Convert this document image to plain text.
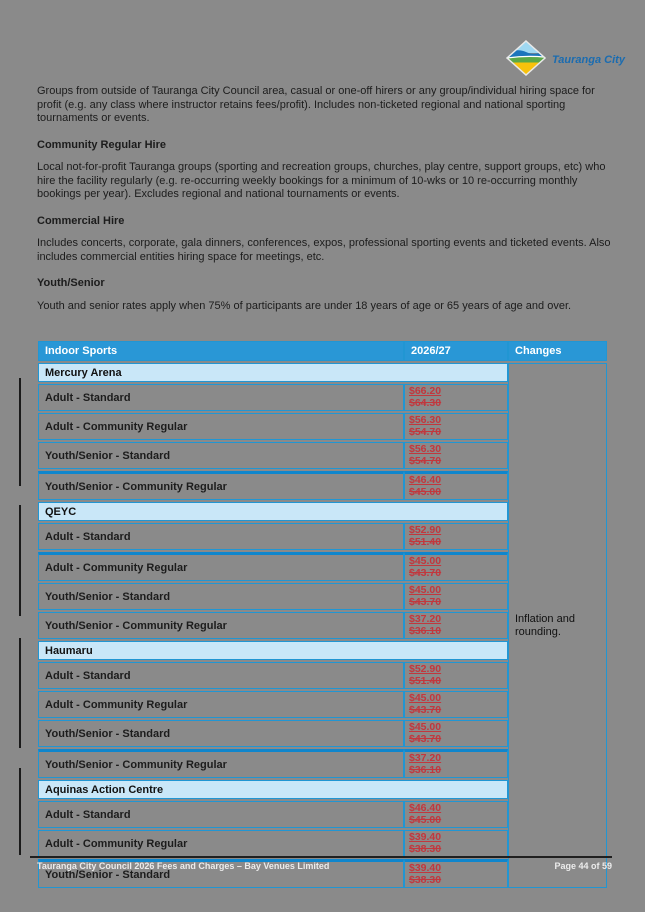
Tauranga City

Groups from outside of Tauranga City Council area, casual or one-off hirers or any group/individual hiring space for profit (e.g. any class where instructor retains fees/profit). Includes non-ticketed regional and national sporting tournaments or events.

Community Regular Hire

Local not-for-profit Tauranga groups (sporting and recreation groups, churches, play centre, support groups, etc) who hire the facility regularly (e.g. re-occurring weekly bookings for a minimum of 10-wks or 10 re-occurring monthly bookings per year). Excludes regional and national tournaments or events.

Commercial Hire

Includes concerts, corporate, gala dinners, conferences, expos, professional sporting events and ticketed events. Also includes commercial entities hiring space for meetings, etc.

Youth/Senior

Youth and senior rates apply when 75% of participants are under 18 years of age or 65 years of age and over.

Indoor Sports	2026/27	Changes
Mercury Arena		Inflation and rounding.
Adult - Standard	$66.20
$64.30	

Adult - Community Regular	$56.30
$54.70	

Youth/Senior - Standard	$56.30
$54.70	

Youth/Senior - Community Regular	$46.40
$45.00	

QEYC		
Adult - Standard	$52.90
$51.40	

Adult - Community Regular	$45.00
$43.70	

Youth/Senior - Standard	$45.00
$43.70	

Youth/Senior - Community Regular	$37.20
$36.10	

Haumaru		
Adult - Standard	$52.90
$51.40	

Adult - Community Regular	$45.00
$43.70	

Youth/Senior - Standard	$45.00
$43.70	

Youth/Senior - Community Regular	$37.20
$36.10	

Aquinas Action Centre		
Adult - Standard	$46.40
$45.00	

Adult - Community Regular	$39.40
$38.30	

Youth/Senior - Standard	$39.40
$38.30	
Tauranga City Council 2026 Fees and Charges – Bay Venues Limited	Page 44 of 59
